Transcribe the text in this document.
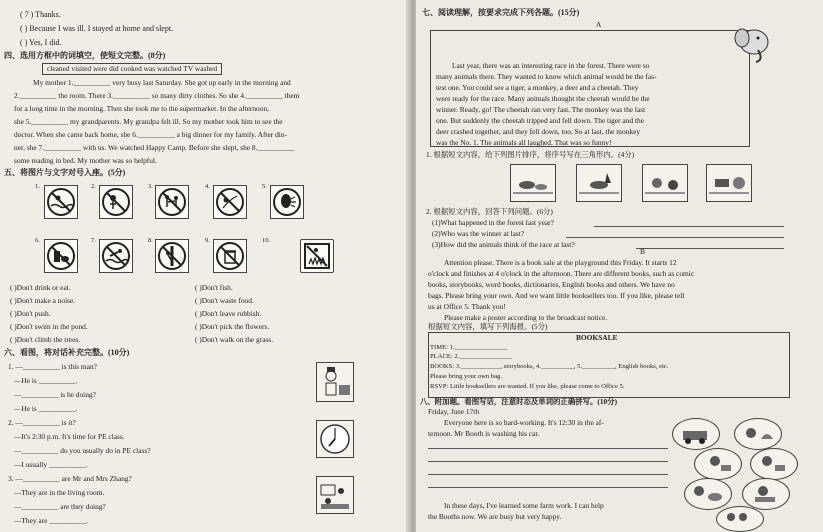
( 7 ) Thanks.
( ) Because I was ill. I stayed at home and slept.
( ) Yes, I did.
四、选用方框中的词填空，使短文完整。(8分)
cleaned visited were did cooked was watched TV washed
My mother 1.__________ very busy last Saturday. She got up early in the morning and
2.__________ the room. There 3.__________ so many dirty clothes. So she 4.__________ them
for a long time in the morning. Then she took me to the supermarket. In the afternoon,
she 5.__________ my grandparents. My grandpa felt ill. So my mother took him to see the
doctor. When she came back home, she 6.__________ a big dinner for my family. After din-
ner, she 7.__________ with us. We watched Happy Camp. Before she slept, she 8.__________
some reading in bed. My mother was so helpful.
五、将图片与文字对号入座。(5分)
1.	2.	3.	4.	5.
6.	7.	8.	9.	10.
( )Don't drink or eat.
( )Don't make a noise.
( )Don't push.
( )Don't swim in the pond.
( )Don't climb the trees.
( )Don't fish.
( )Don't waste food.
( )Don't leave rubbish.
( )Don't pick the flowers.
( )Don't walk on the grass.
六、看图，将对话补充完整。(10分)
1. —__________ is this man?
—He is __________.
—__________ is he doing?
—He is __________.
2. —__________ is it?
—It's 2:30 p.m. It's time for PE class.
—__________ do you usually do in PE class?
—I usually __________.
3. —__________ are Mr and Mrs Zhang?
—They are in the living room.
—__________ are they doing?
—They are __________.
七、阅读理解，按要求完成下列各题。(15分)
A
Last year, there was an interesting race in the forest. There were so
many animals there. They wanted to know which animal would be the fas-
test one. You could see a tiger, a monkey, a deer and a cheetah. They
were ready for the race. Many animals thought the cheetah would be the
winner. Ready, go! The cheetah ran very fast. The monkey was the last
one. But suddenly the cheetah tripped and fell down. The tiger and the
deer crashed together, and they fell down, too. So at last, the monkey
was the No. 1. The animals all laughed. That was so funny!
1. 根据短文内容，给下列图片排序，将序号写在三角形内。(4分)
2. 根据短文内容，回答下列问题。(6分)
(1)What happened in the forest last year?
(2)Who was the winner at last?
(3)How did the animals think of the race at last?
B
Attention please. There is a book sale at the playground this Friday. It starts 12
o'clock and finishes at 4 o'clock in the afternoon. There are different books, such as comic
books, storybooks, word books, dictionaries, English books and others. We have no
bags. Please bring your own. And we want little booksellers too. If you like, please tell
us at Office 5. Thank you!
Please make a poster according to the broadcast notice.
根据短文内容，填写下列海报。(5分)
BOOKSALE
TIME: 1.________________
PLACE: 2.________________
BOOKS: 3.____________, storybooks, 4.__________, 5.__________, English books, etc.
Please bring your own bag.
RSVP: Little booksellers are wanted. If you like, please come to Office 5.
八、附加题。看图写话，注意时态及单词的正确拼写。(10分)
Friday, June 17th
Everyone here is so hard-working. It's 12:30 in the af-
ternoon. Mr Booth is washing his car.
In these days, I've learned some farm work. I can help
the Booths now. We are busy but very happy.
